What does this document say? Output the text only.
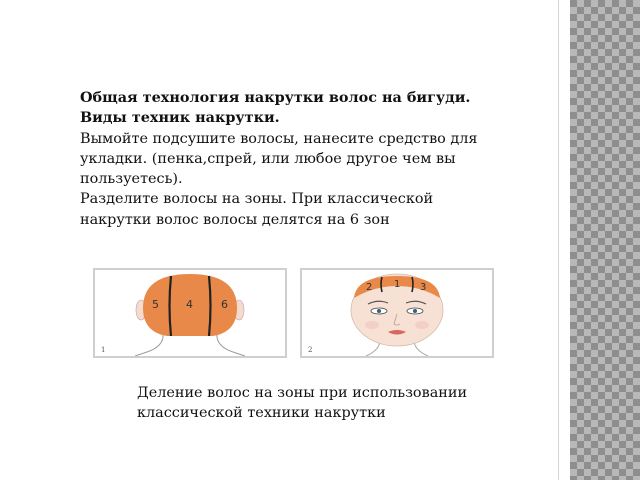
Общая технология накрутки волос на бигуди. Виды техник накрутки.

Вымойте подсушите волосы, нанесите средство для укладки. (пенка,спрей, или любое другое чем вы пользуетесь).

Разделите волосы на зоны. При классической накрутки волос волосы делятся на 6 зон

5 4	6
1
2 1 3
2
Деление волос на зоны при использовании классической техники накрутки
